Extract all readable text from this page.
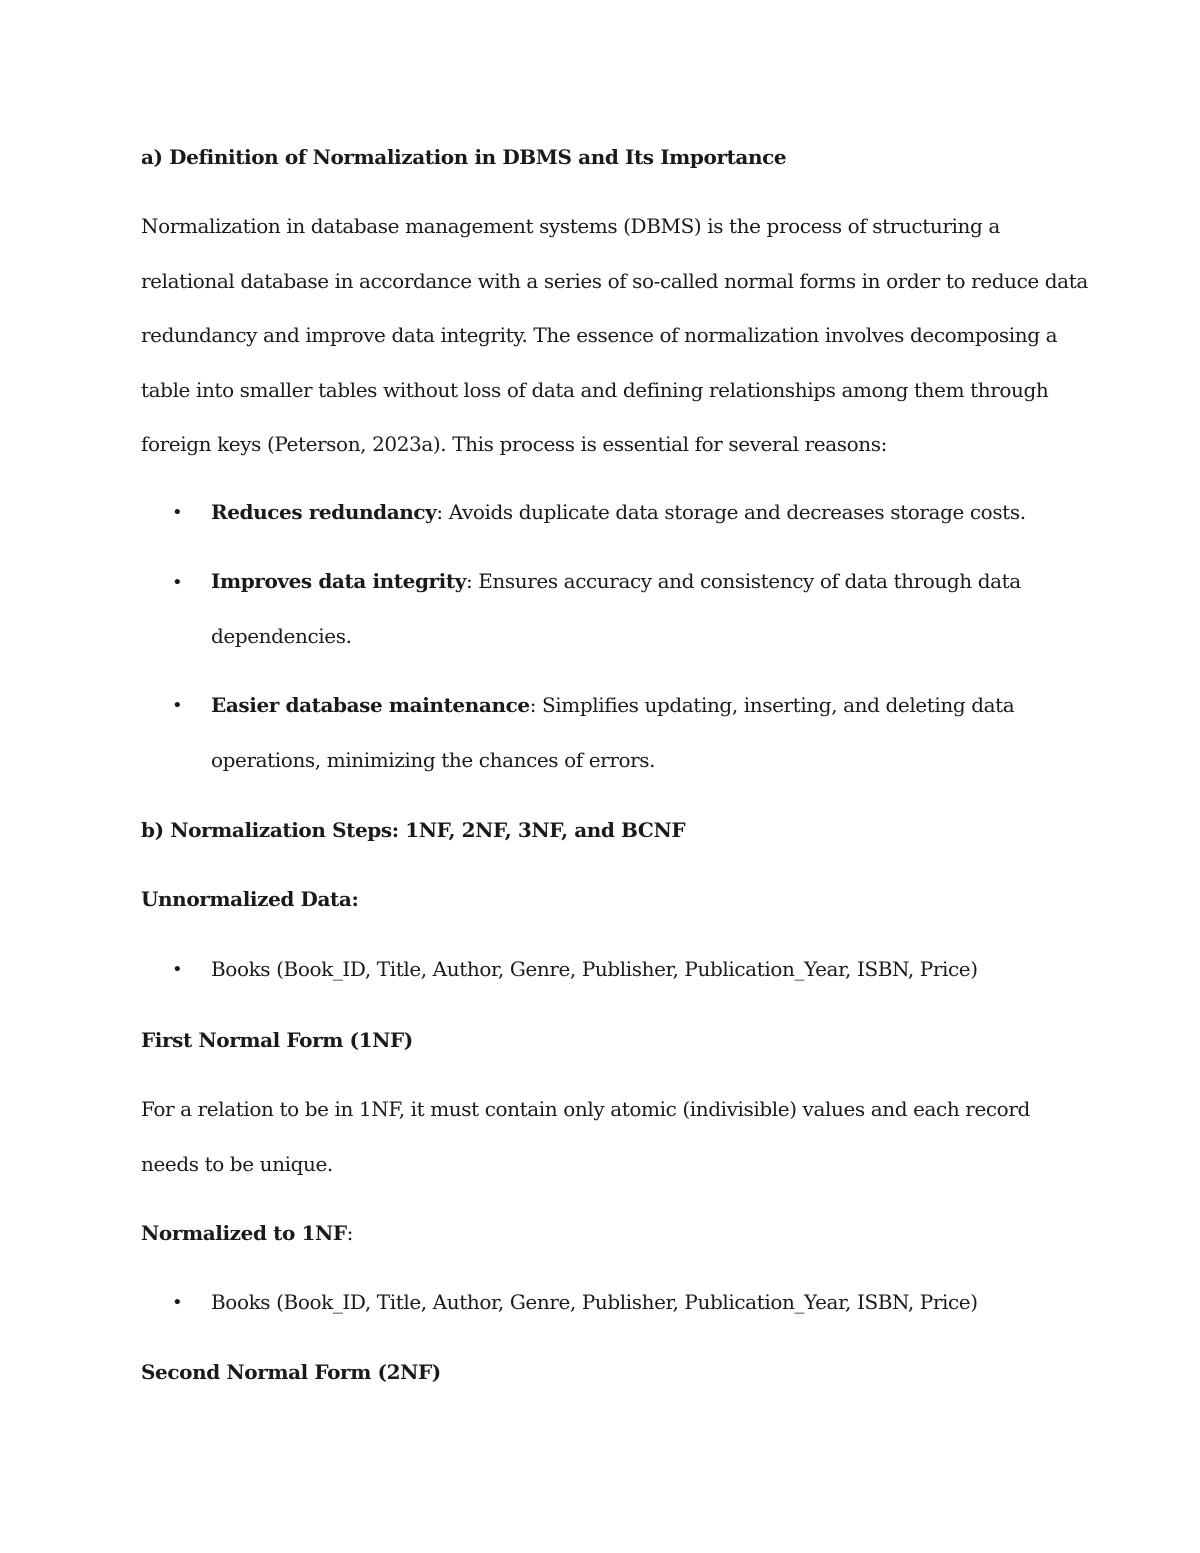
a) Definition of Normalization in DBMS and Its Importance
Normalization in database management systems (DBMS) is the process of structuring a
relational database in accordance with a series of so-called normal forms in order to reduce data
redundancy and improve data integrity. The essence of normalization involves decomposing a
table into smaller tables without loss of data and defining relationships among them through
foreign keys (Peterson, 2023a). This process is essential for several reasons:
• Reduces redundancy: Avoids duplicate data storage and decreases storage costs.
• Improves data integrity: Ensures accuracy and consistency of data through data
dependencies.
• Easier database maintenance: Simplifies updating, inserting, and deleting data
operations, minimizing the chances of errors.
b) Normalization Steps: 1NF, 2NF, 3NF, and BCNF
Unnormalized Data:
• Books (Book_ID, Title, Author, Genre, Publisher, Publication_Year, ISBN, Price)
First Normal Form (1NF)
For a relation to be in 1NF, it must contain only atomic (indivisible) values and each record
needs to be unique.
Normalized to 1NF:
• Books (Book_ID, Title, Author, Genre, Publisher, Publication_Year, ISBN, Price)
Second Normal Form (2NF)
